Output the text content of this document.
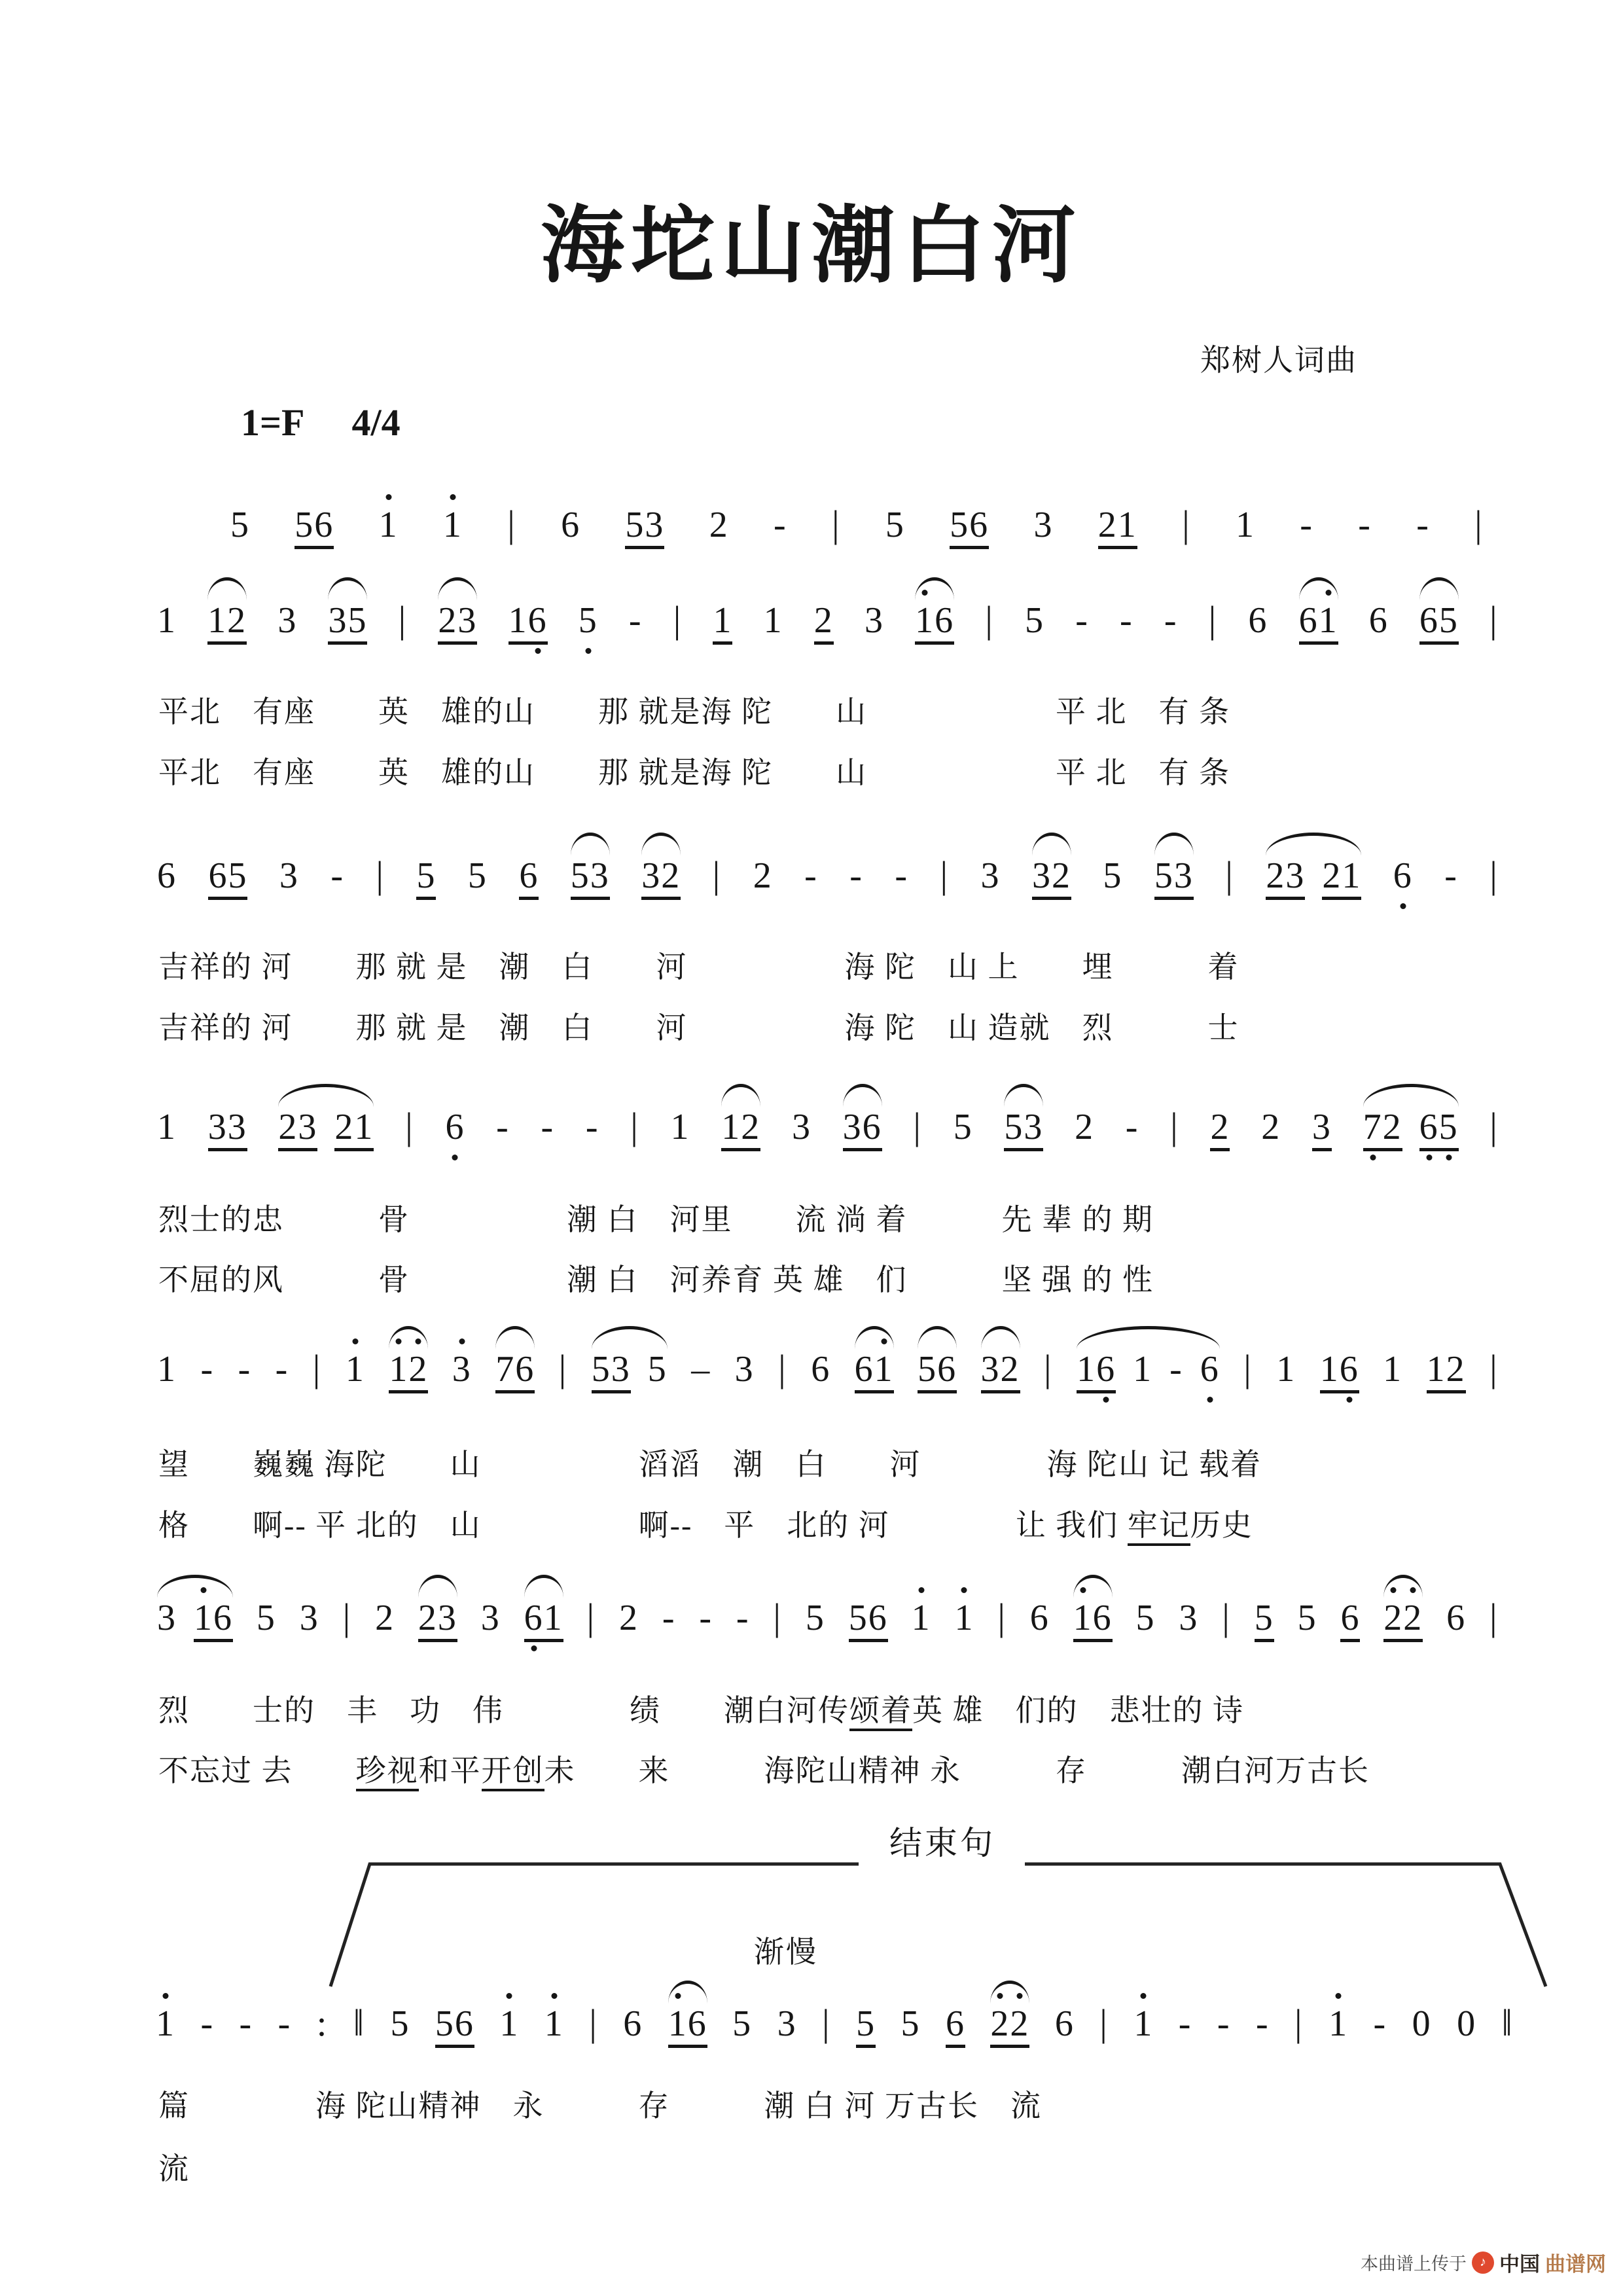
海坨山潮白河
郑树人词曲
1=F 4/4
5 5 6 1 1 | 6 5 3 2 - | 5 5 6 3 2 1 | 1 - - - |
1 1 2 3 3 5 | 2 3 1 6 5 - | 1 1 2 3 1 6 | 5 - - - | 6 6 1 6 6 5 |
6 6 5 3 - | 5 5 6 5 3 3 2 | 2 - - - | 3 3 2 5 5 3 | 2 3 2 1 6 - |
1 3 3 2 3 2 1 | 6 - - - | 1 1 2 3 3 6 | 5 5 3 2 - | 2 2 3 7 2 6 5 |
1 - - - | 1 1 2 3 7 6 | 5 3 5 – 3 | 6 6 1 5 6 3 2 | 1 6 1 - 6 | 1 1 6 1 1 2 |
3 1 6 5 3 | 2 2 3 3 6 1 | 2 - - - | 5 5 6 1 1 | 6 1 6 5 3 | 5 5 6 2 2 6 |
1 - - - : ‖ 5 5 6 1 1 | 6 1 6 5 3 | 5 5 6 2 2 6 | 1 - - - | 1 - 0 0 ‖
平北　有座　　英　雄的山　　那 就是海 陀　　山　　　　　　平 北　有 条
平北　有座　　英　雄的山　　那 就是海 陀　　山　　　　　　平 北　有 条
吉祥的 河　　那 就 是　潮　白　　河　　　　　海 陀　山 上　　埋　　　着
吉祥的 河　　那 就 是　潮　白　　河　　　　　海 陀　山 造就　烈　　　士
烈士的忠　　　骨　　　　　潮 白　河里　　流 淌 着　　　先 辈 的 期
不屈的风　　　骨　　　　　潮 白　河养育 英 雄　们　　　坚 强 的 性
望　　巍巍 海陀　　山　　　　　滔滔　潮　白　　河　　　　海 陀山 记 载着
格　　啊-- 平 北的　山　　　　　啊--　平　北的 河　　　　让 我们 牢记历史
烈　　士的　丰　功　伟　　　　绩　　潮白河传颂着英 雄　们的　悲壮的 诗
不忘过 去　　珍视和平开创未　　来　　　海陀山精神 永　　　存　　　潮白河万古长
篇　　　　海 陀山精神　永　　　存　　　潮 白 河 万古长　流
流
结束句
渐慢
本曲谱上传于	♪ 中国 曲谱网
